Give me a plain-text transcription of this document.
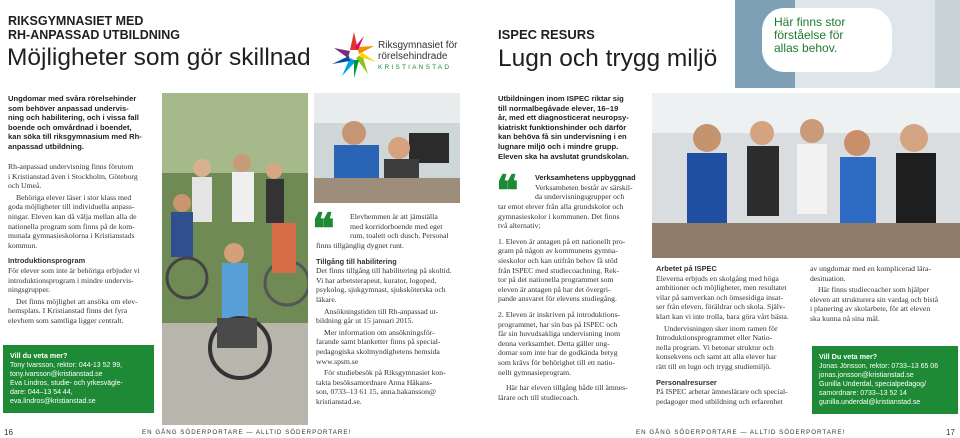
RIKSGYMNASIET MED
RH-ANPASSAD UTBILDNING
Möjligheter som gör skillnad	Riksgymnasiet för
rörelsehindrade
KRISTIANSTAD
Ungdomar med svåra rörelsehinder
som behöver anpassad undervis-
ning och habilitering, och i vissa fall
boende och omvårdnad i boendet,
kan söka till riksgymnasium med Rh-
anpassad utbildning.

Rh-anpassad undervisning finns förutom
i Kristianstad även i Stockholm, Göteborg
och Umeå.

Behöriga elever läser i stor klass med
goda möjligheter till individuella anpass-
ningar. Eleven kan då välja mellan alla de
nationella program som finns på de kom-
munala gymnasieskolorna i Kristianstads
kommun.

Introduktionsprogram

För elever som inte är behöriga erbjuder vi
introduktionsprogram i mindre undervis-
ningsgrupper.

Det finns möjlighet att ansöka om elev-
hemsplats. I Kristianstad finns det fyra
elevhem som samtliga ligger centralt.

Vill du veta mer?
Tony Ivarsson, rektor: 044-13 52 99,
tony.ivarsson@kristianstad.se
Eva Lindros, studie- och yrkesvägle-
dare: 044–13 54 44,
eva.lindros@kristianstad.se
❝ Elevhemmen är att jämställa
med korridorboende med eget
rum, toalett och dusch. Personal

finns tillgänglig dygnet runt.

Tillgång till habilitering

Det finns tillgång till habilitering på skoltid.
Vi har arbetsterapeut, kurator, logoped,
psykolog, sjukgymnast, sjuksköterska och
läkare.

Ansökningstiden till Rh-anpassad ut-
bildning går ut 15 januari 2015.

Mer information om ansökningsför-
farande samt blanketter finns på special-
pedagogiska skolmyndighetens hemsida
www.spsm.se

För studiebesök på Riksgymnasiet kon-
takta besöksamordnare Anna Håkans-
son, 0733–13 61 15, anna.hakansson@
kristianstad.se.

16	EN GÅNG SÖDERPORTARE — ALLTID SÖDERPORTARE!
ISPEC RESURS
Lugn och trygg miljö
Här finns stor
förståelse för
allas behov.
Utbildningen inom ISPEC riktar sig
till normalbegåvade elever, 16–19
år, med ett diagnosticerat neuropsy-
kiatriskt funktionshinder och därför
kan behöva få sin undervisning i en
lugnare miljö och i mindre grupp.
Eleven ska ha avslutat grundskolan.
❝ Verksamhetens uppbyggnad
Verksamheten består av särskil-
da undervisningsgrupper och

tar emot elever från alla grundskolor och
gymnasieskolor i kommunen. Det finns
två alternativ;

1. Eleven är antagen på ett nationellt pro-
gram på någon av kommunens gymna-
sieskolor och kan utifrån behov få stöd
från ISPEC med studiecoachning. Rek-
tor på det nationella programmet som
eleven är antagen på har det övergri-
pande ansvaret för elevens studiegång.

2. Eleven är inskriven på introduktions-
programmet, har sin bas på ISPEC och
får sin huvudsakliga undervisning inom
denna verksamhet. Detta gäller ung-
domar som inte har de godkända betyg
som krävs för behörighet till ett natio-
nellt gymnasieprogram.

Här har eleven tillgång både till ämnes-
lärare och till studiecoach.

Arbetet på ISPEC

Eleverna erbjuds en skolgång med höga
ambitioner och möjligheter, men resultatet
vilar på samverkan och ömsesidiga insat-
ser från eleven, föräldrar och skola. Själv-
klart kan vi inte trolla, bara göra vårt bästa.

Undervisningen sker inom ramen för
Introduktionsprogrammet eller Natio-
nella program. Vi betonar struktur och
konsekvens och samt att alla elever har
rätt till en lugn och trygg studiemiljö.

Personalresurser

På ISPEC arbetar ämneslärare och special-
pedagoger med utbildning och erfarenhet

av ungdomar med en komplicerad lära-
desituation.

Här finns studiecoacher som hjälper
eleven att strukturera sin vardag och bistå
i planering av skolarbete, för att eleven
ska kunna nå sina mål.

Vill Du veta mer?
Jonas Jönsson, rektor: 0733–13 65 06
jonas.jonsson@kristianstad.se
Gunilla Underdal, specialpedagog/
samordnare: 0733–13 52 14
gunilla.underdal@kristianstad.se
EN GÅNG SÖDERPORTARE — ALLTID SÖDERPORTARE!	17
